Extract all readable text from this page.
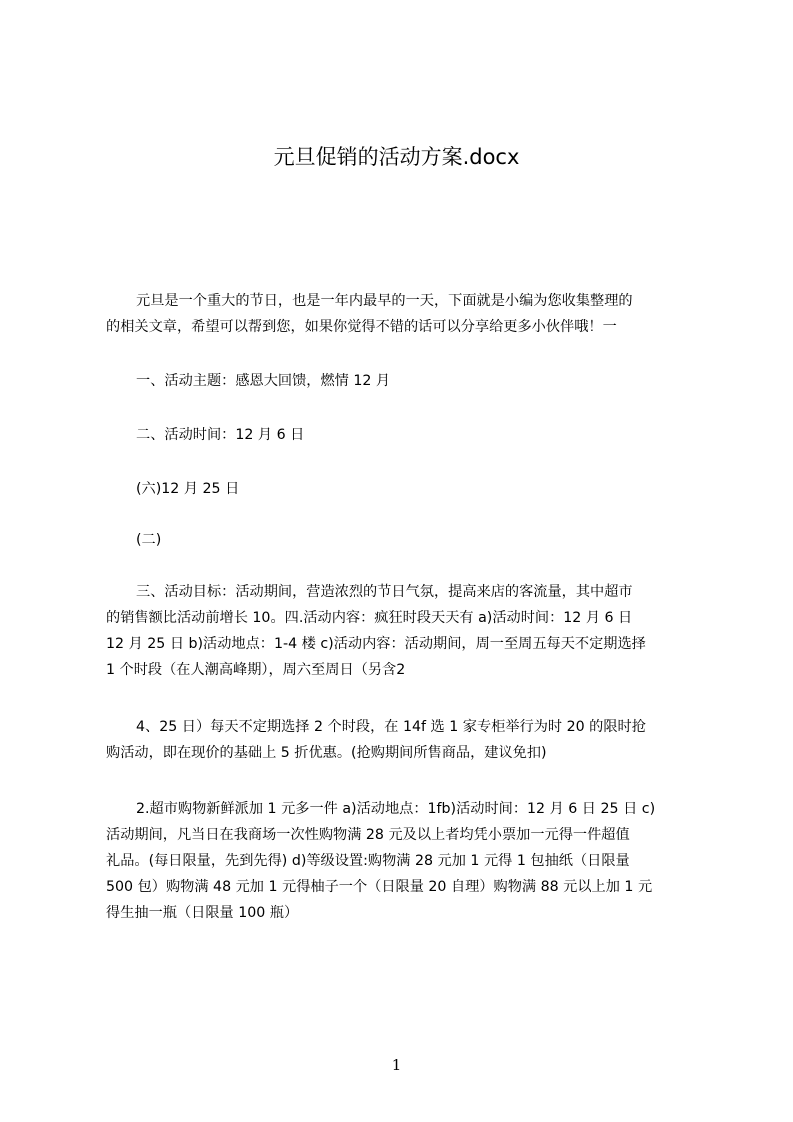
元旦促销的活动方案.docx

元旦是一个重大的节日，也是一年内最早的一天，下面就是小编为您收集整理的
的相关文章，希望可以帮到您，如果你觉得不错的话可以分享给更多小伙伴哦！一

一、活动主题：感恩大回馈，燃情 12 月

二、活动时间：12 月 6 日

(六)12 月 25 日

(二)

三、活动目标：活动期间，营造浓烈的节日气氛，提高来店的客流量，其中超市
的销售额比活动前增长 10。四.活动内容：疯狂时段天天有 a)活动时间：12 月 6 日
12 月 25 日 b)活动地点：1-4 楼 c)活动内容：活动期间，周一至周五每天不定期选择
1 个时段（在人潮高峰期），周六至周日（另含2

4、25 日）每天不定期选择 2 个时段，在 14f 选 1 家专柜举行为时 20 的限时抢
购活动，即在现价的基础上 5 折优惠。(抢购期间所售商品，建议免扣)

2.超市购物新鲜派加 1 元多一件 a)活动地点：1fb)活动时间：12 月 6 日 25 日 c)
活动期间，凡当日在我商场一次性购物满 28 元及以上者均凭小票加一元得一件超值
礼品。(每日限量，先到先得) d)等级设置:购物满 28 元加 1 元得 1 包抽纸（日限量
500 包）购物满 48 元加 1 元得柚子一个（日限量 20 自理）购物满 88 元以上加 1 元
得生抽一瓶（日限量 100 瓶）

1
